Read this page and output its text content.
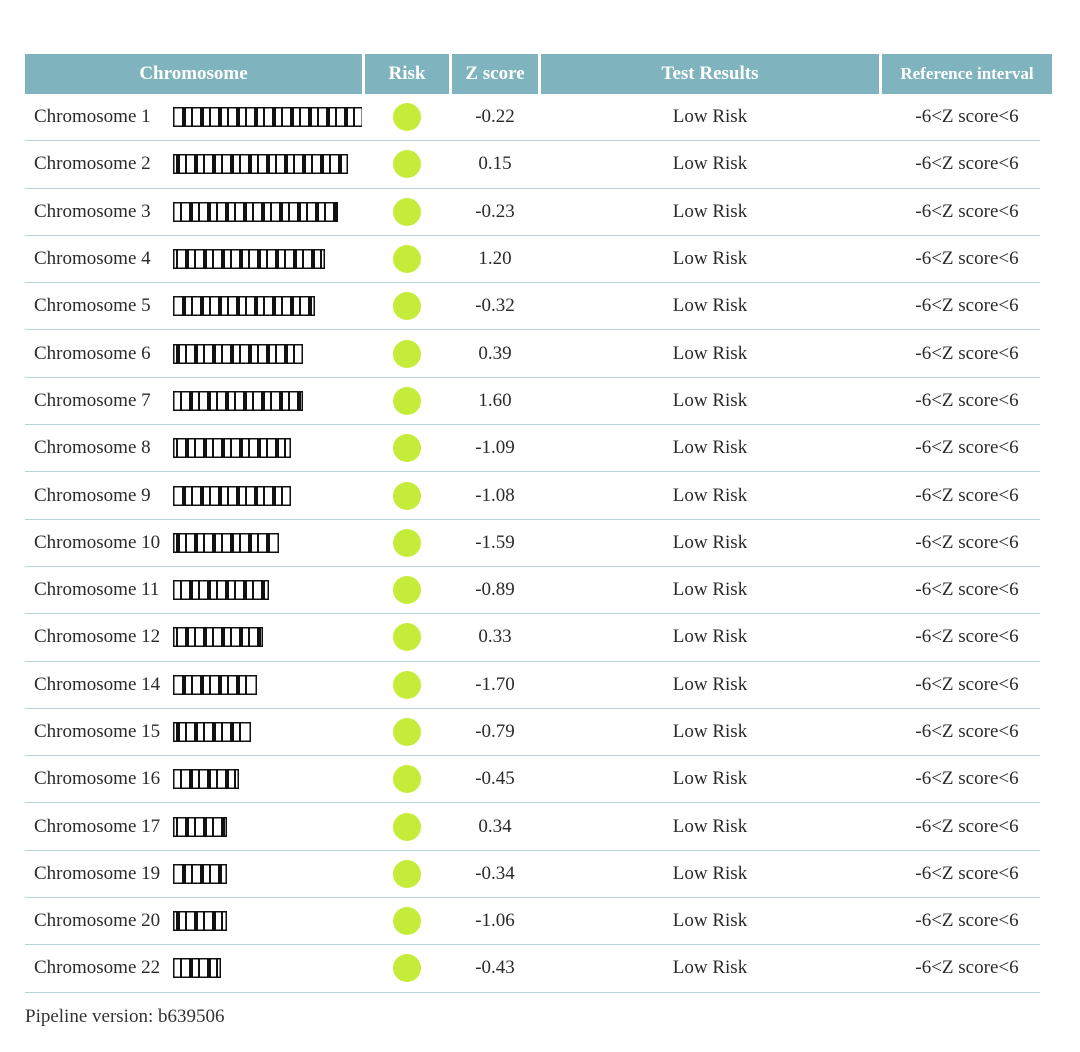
Chromosome	Risk	Z score	Test Results	Reference interval
Chromosome 1	-0.22	Low Risk	-6<Z score<6
Chromosome 2	0.15	Low Risk	-6<Z score<6
Chromosome 3	-0.23	Low Risk	-6<Z score<6
Chromosome 4	1.20	Low Risk	-6<Z score<6
Chromosome 5	-0.32	Low Risk	-6<Z score<6
Chromosome 6	0.39	Low Risk	-6<Z score<6
Chromosome 7	1.60	Low Risk	-6<Z score<6
Chromosome 8	-1.09	Low Risk	-6<Z score<6
Chromosome 9	-1.08	Low Risk	-6<Z score<6
Chromosome 10	-1.59	Low Risk	-6<Z score<6
Chromosome 11	-0.89	Low Risk	-6<Z score<6
Chromosome 12	0.33	Low Risk	-6<Z score<6
Chromosome 14	-1.70	Low Risk	-6<Z score<6
Chromosome 15	-0.79	Low Risk	-6<Z score<6
Chromosome 16	-0.45	Low Risk	-6<Z score<6
Chromosome 17	0.34	Low Risk	-6<Z score<6
Chromosome 19	-0.34	Low Risk	-6<Z score<6
Chromosome 20	-1.06	Low Risk	-6<Z score<6
Chromosome 22	-0.43	Low Risk	-6<Z score<6
Pipeline version: b639506
